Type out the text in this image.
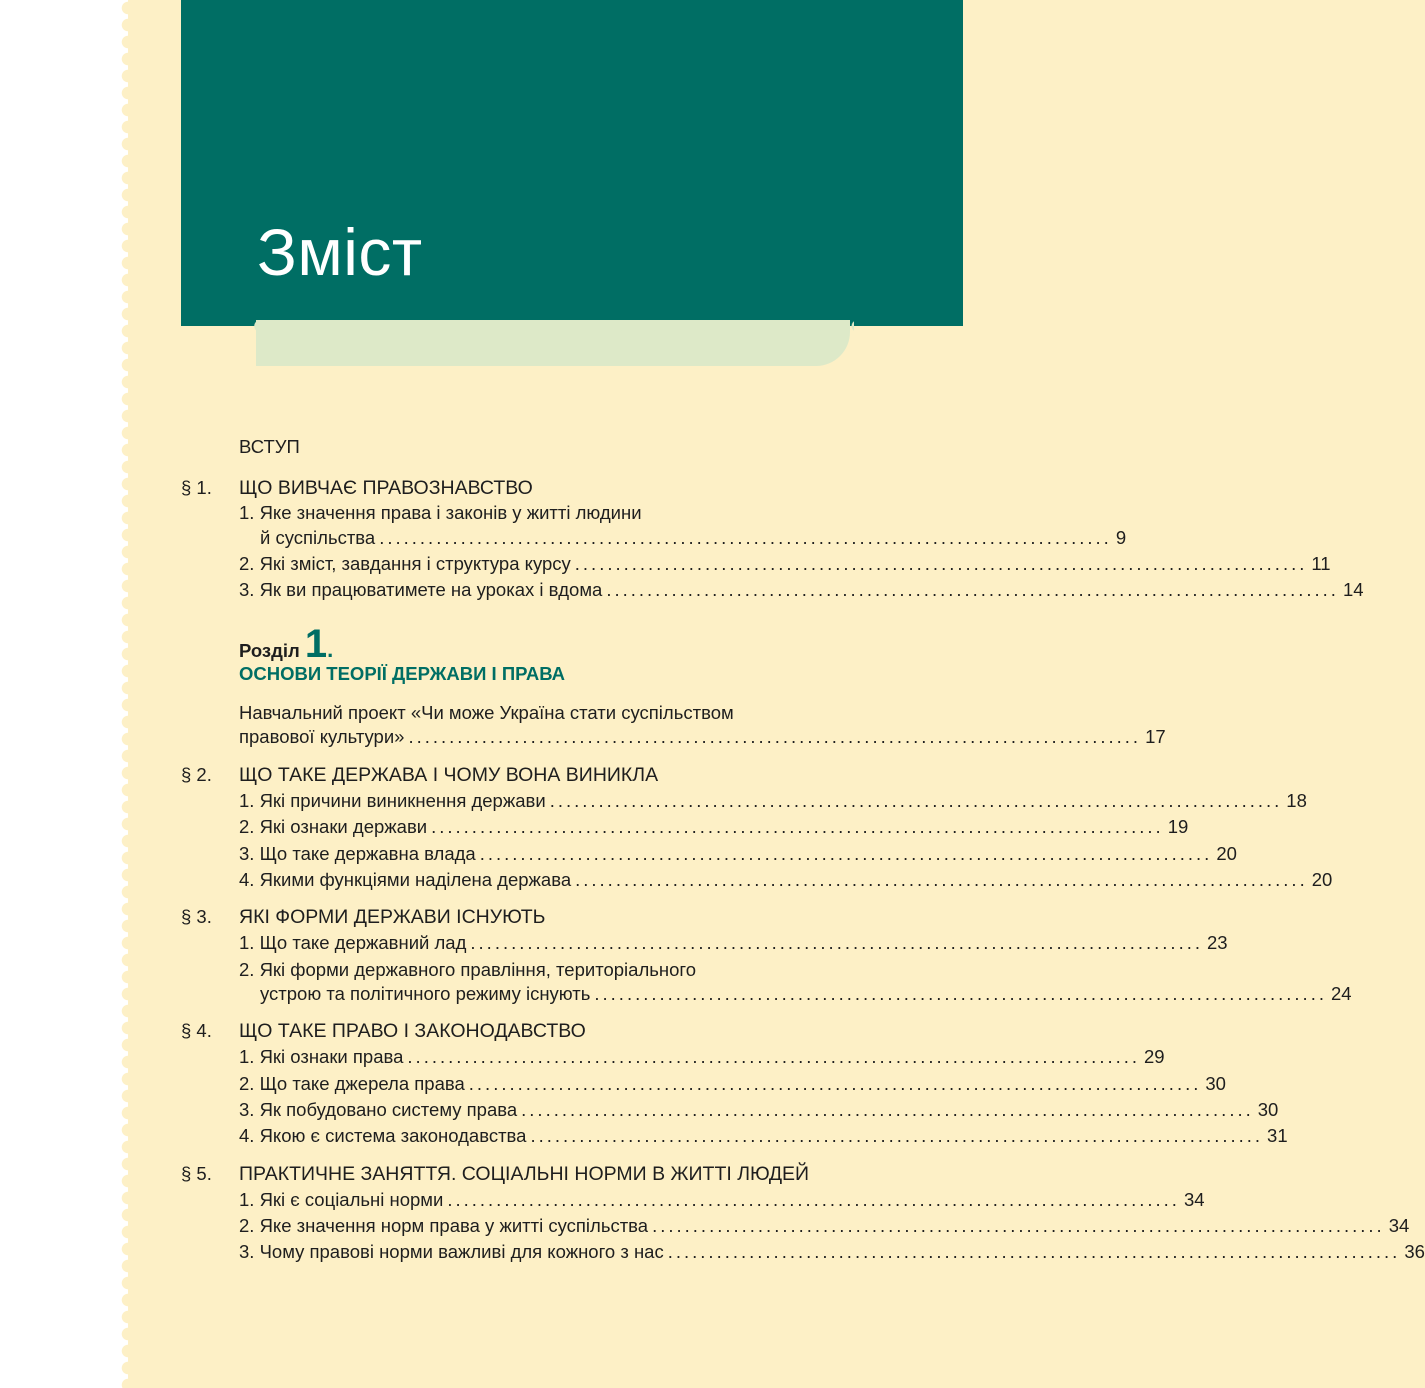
Зміст
ВСТУП
§ 1. ЩО ВИВЧАЄ ПРАВОЗНАВСТВО
1. Яке значення права і законів у житті людини
й суспільства .......................................................................................... 9
2. Які зміст, завдання і структура курсу .......................................................................................... 11
3. Як ви працюватимете на уроках і вдома .......................................................................................... 14
Розділ 1.
ОСНОВИ ТЕОРІЇ ДЕРЖАВИ І ПРАВА
Навчальний проект «Чи може Україна стати суспільством
правової культури» .......................................................................................... 17
§ 2. ЩО ТАКЕ ДЕРЖАВА І ЧОМУ ВОНА ВИНИКЛА
1. Які причини виникнення держави .......................................................................................... 18
2. Які ознаки держави .......................................................................................... 19
3. Що таке державна влада .......................................................................................... 20
4. Якими функціями наділена держава .......................................................................................... 20
§ 3. ЯКІ ФОРМИ ДЕРЖАВИ ІСНУЮТЬ
1. Що таке державний лад .......................................................................................... 23
2. Які форми державного правління, територіального
устрою та політичного режиму існують .......................................................................................... 24
§ 4. ЩО ТАКЕ ПРАВО І ЗАКОНОДАВСТВО
1. Які ознаки права .......................................................................................... 29
2. Що таке джерела права .......................................................................................... 30
3. Як побудовано систему права .......................................................................................... 30
4. Якою є система законодавства .......................................................................................... 31
§ 5. ПРАКТИЧНЕ ЗАНЯТТЯ. СОЦІАЛЬНІ НОРМИ В ЖИТТІ ЛЮДЕЙ
1. Які є соціальні норми .......................................................................................... 34
2. Яке значення норм права у житті суспільства .......................................................................................... 34
3. Чому правові норми важливі для кожного з нас .......................................................................................... 36
